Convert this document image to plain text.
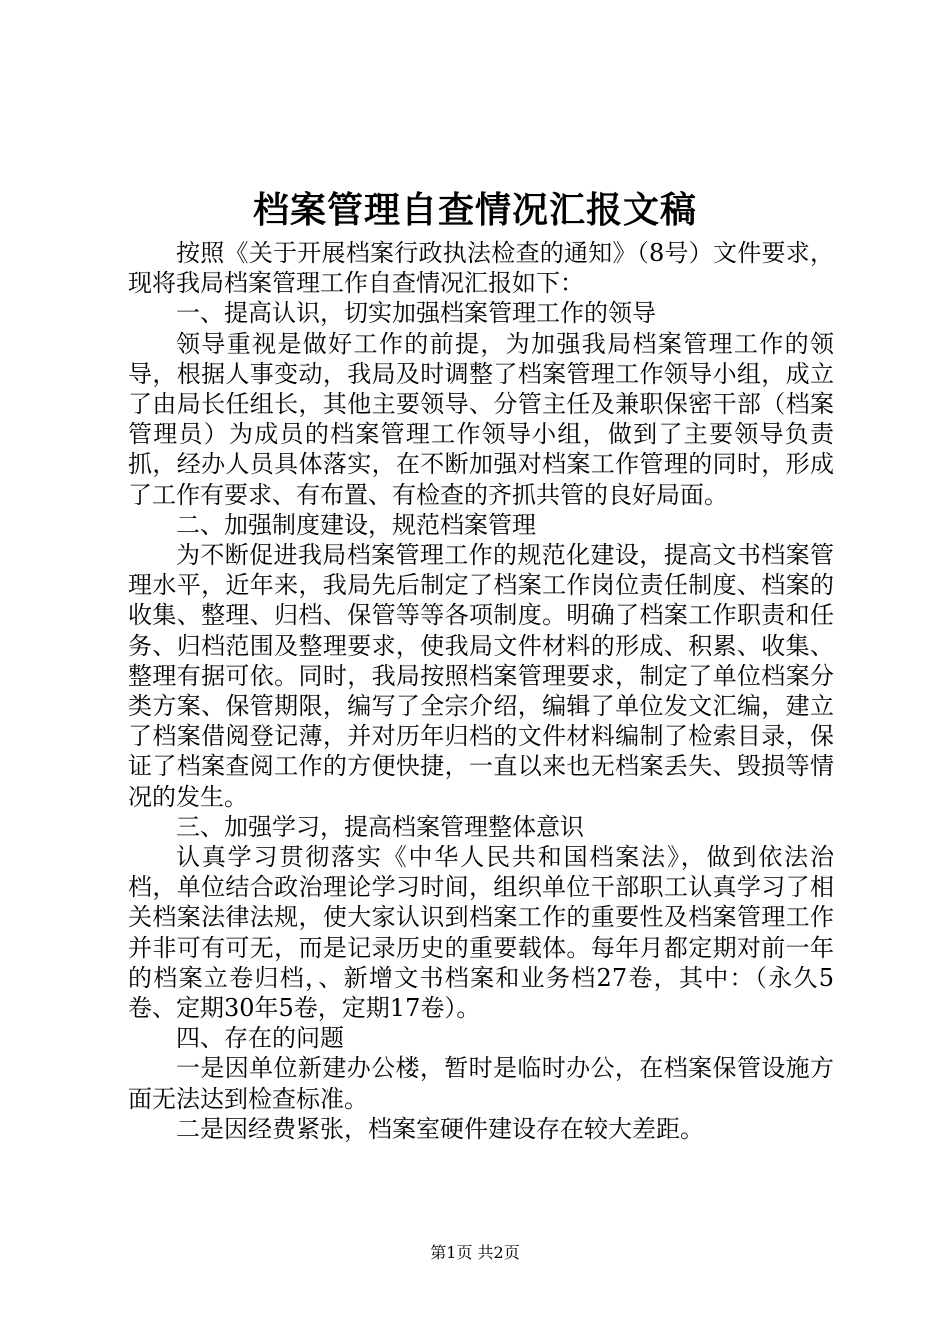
档案管理自查情况汇报文稿

按照《关于开展档案行政执法检查的通知》（8号）文件要求，现将我局档案管理工作自查情况汇报如下：

一、提高认识，切实加强档案管理工作的领导

领导重视是做好工作的前提，为加强我局档案管理工作的领导，根据人事变动，我局及时调整了档案管理工作领导小组，成立了由局长任组长，其他主要领导、分管主任及兼职保密干部（档案管理员）为成员的档案管理工作领导小组，做到了主要领导负责抓，经办人员具体落实，在不断加强对档案工作管理的同时，形成了工作有要求、有布置、有检查的齐抓共管的良好局面。

二、加强制度建设，规范档案管理

为不断促进我局档案管理工作的规范化建设，提高文书档案管理水平，近年来，我局先后制定了档案工作岗位责任制度、档案的收集、整理、归档、保管等等各项制度。明确了档案工作职责和任务、归档范围及整理要求，使我局文件材料的形成、积累、收集、整理有据可依。同时，我局按照档案管理要求，制定了单位档案分类方案、保管期限，编写了全宗介绍，编辑了单位发文汇编，建立了档案借阅登记薄，并对历年归档的文件材料编制了检索目录，保证了档案查阅工作的方便快捷，一直以来也无档案丢失、毁损等情况的发生。

三、加强学习，提高档案管理整体意识

认真学习贯彻落实《中华人民共和国档案法》，做到依法治档，单位结合政治理论学习时间，组织单位干部职工认真学习了相关档案法律法规，使大家认识到档案工作的重要性及档案管理工作并非可有可无，而是记录历史的重要载体。每年月都定期对前一年的档案立卷归档，、新增文书档案和业务档27卷，其中：（永久5卷、定期30年5卷，定期17卷）。

四、存在的问题

一是因单位新建办公楼，暂时是临时办公，在档案保管设施方面无法达到检查标准。

二是因经费紧张，档案室硬件建设存在较大差距。

第1页 共2页
